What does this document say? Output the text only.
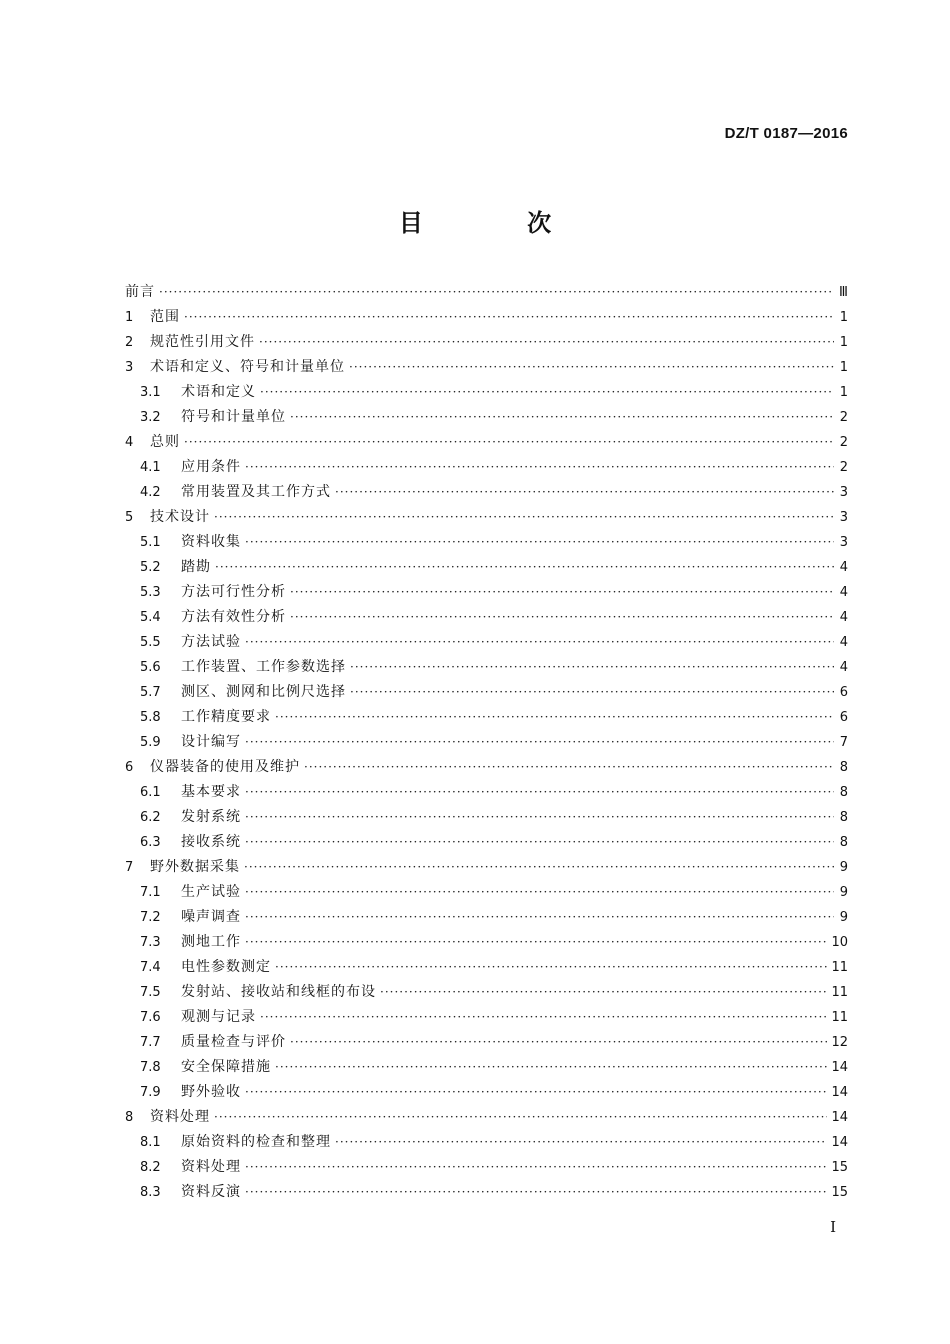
DZ/T 0187—2016
目 次
前言 ·····	Ⅲ
1	范围 ·····	1
2	规范性引用文件 ·····	1
3	术语和定义、符号和计量单位 ·····	1
3.1	术语和定义 ·····	1
3.2	符号和计量单位 ·····	2
4	总则 ·····	2
4.1	应用条件 ·····	2
4.2	常用装置及其工作方式 ·····	3
5	技术设计 ·····	3
5.1	资料收集 ·····	3
5.2	踏勘 ·····	4
5.3	方法可行性分析 ·····	4
5.4	方法有效性分析 ·····	4
5.5	方法试验 ·····	4
5.6	工作装置、工作参数选择 ·····	4
5.7	测区、测网和比例尺选择 ·····	6
5.8	工作精度要求 ·····	6
5.9	设计编写 ·····	7
6	仪器装备的使用及维护 ·····	8
6.1	基本要求 ·····	8
6.2	发射系统 ·····	8
6.3	接收系统 ·····	8
7	野外数据采集 ·····	9
7.1	生产试验 ·····	9
7.2	噪声调查 ·····	9
7.3	测地工作 ·····	10
7.4	电性参数测定 ·····	11
7.5	发射站、接收站和线框的布设 ·····	11
7.6	观测与记录 ·····	11
7.7	质量检查与评价 ·····	12
7.8	安全保障措施 ·····	14
7.9	野外验收 ·····	14
8	资料处理 ·····	14
8.1	原始资料的检查和整理 ·····	14
8.2	资料处理 ·····	15
8.3	资料反演 ·····	15
I
